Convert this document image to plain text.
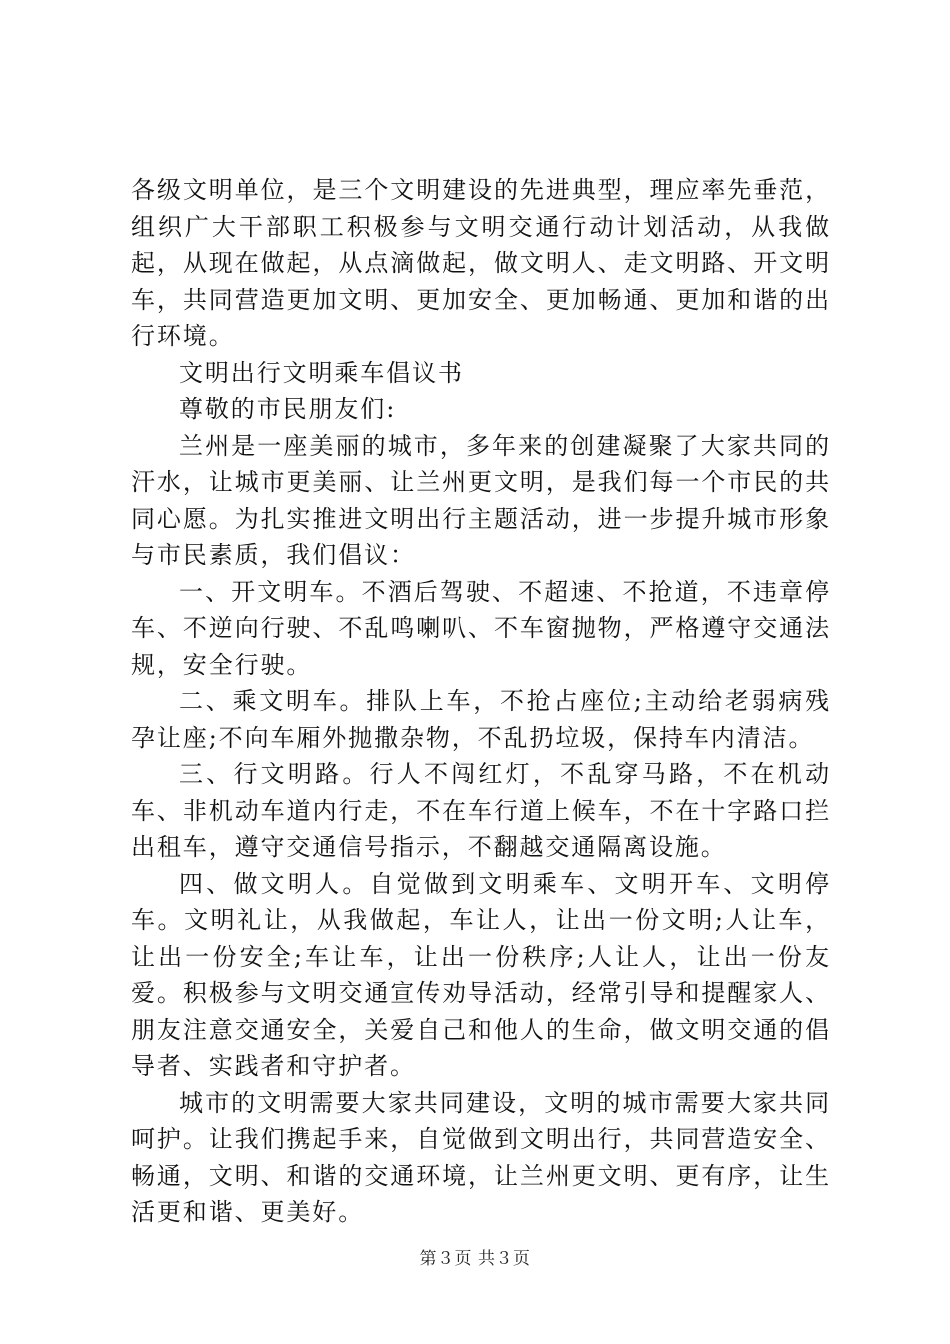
各级文明单位，是三个文明建设的先进典型，理应率先垂范，组织广大干部职工积极参与文明交通行动计划活动，从我做起，从现在做起，从点滴做起，做文明人、走文明路、开文明车，共同营造更加文明、更加安全、更加畅通、更加和谐的出行环境。

文明出行文明乘车倡议书

尊敬的市民朋友们:

兰州是一座美丽的城市，多年来的创建凝聚了大家共同的汗水，让城市更美丽、让兰州更文明，是我们每一个市民的共同心愿。为扎实推进文明出行主题活动，进一步提升城市形象与市民素质，我们倡议：

一、开文明车。不酒后驾驶、不超速、不抢道，不违章停车、不逆向行驶、不乱鸣喇叭、不车窗抛物，严格遵守交通法规，安全行驶。

二、乘文明车。排队上车，不抢占座位;主动给老弱病残孕让座;不向车厢外抛撒杂物，不乱扔垃圾，保持车内清洁。

三、行文明路。行人不闯红灯，不乱穿马路，不在机动车、非机动车道内行走，不在车行道上候车，不在十字路口拦出租车，遵守交通信号指示，不翻越交通隔离设施。

四、做文明人。自觉做到文明乘车、文明开车、文明停车。文明礼让，从我做起，车让人，让出一份文明;人让车，让出一份安全;车让车，让出一份秩序;人让人，让出一份友爱。积极参与文明交通宣传劝导活动，经常引导和提醒家人、朋友注意交通安全，关爱自己和他人的生命，做文明交通的倡导者、实践者和守护者。

城市的文明需要大家共同建设，文明的城市需要大家共同呵护。让我们携起手来，自觉做到文明出行，共同营造安全、畅通，文明、和谐的交通环境，让兰州更文明、更有序，让生活更和谐、更美好。

第３页 共３页
